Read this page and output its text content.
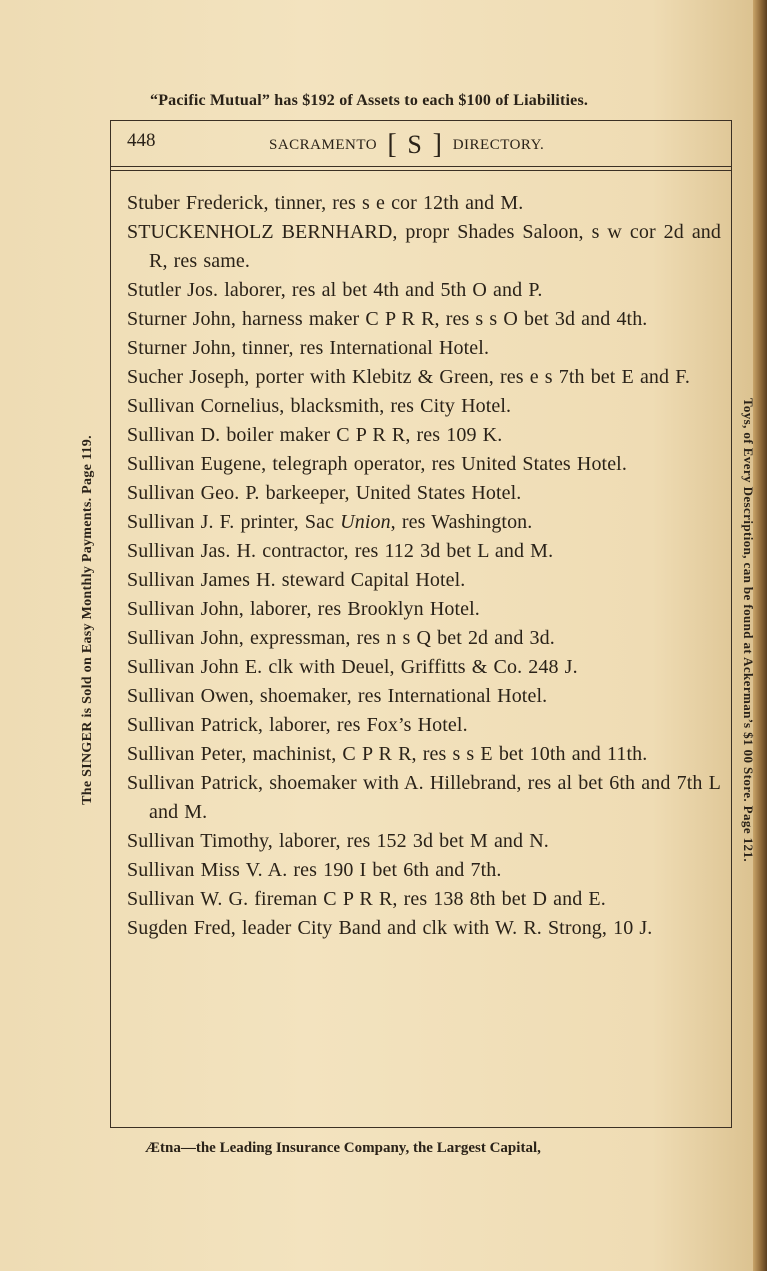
“Pacific Mutual” has $192 of Assets to each $100 of Liabilities.
The SINGER is Sold on Easy Monthly Payments. Page 119.	Toys, of Every Description, can be found at Ackerman’s $1 00 Store. Page 121.
448	SACRAMENTO [ S ] DIRECTORY.
Stuber Frederick, tinner, res s e cor 12th and M.
STUCKENHOLZ BERNHARD, propr Shades Saloon, s w cor 2d and R, res same.
Stutler Jos. laborer, res al bet 4th and 5th O and P.
Sturner John, harness maker C P R R, res s s O bet 3d and 4th.
Sturner John, tinner, res International Hotel.
Sucher Joseph, porter with Klebitz & Green, res e s 7th bet E and F.
Sullivan Cornelius, blacksmith, res City Hotel.
Sullivan D. boiler maker C P R R, res 109 K.
Sullivan Eugene, telegraph operator, res United States Hotel.
Sullivan Geo. P. barkeeper, United States Hotel.
Sullivan J. F. printer, Sac Union, res Washington.
Sullivan Jas. H. contractor, res 112 3d bet L and M.
Sullivan James H. steward Capital Hotel.
Sullivan John, laborer, res Brooklyn Hotel.
Sullivan John, expressman, res n s Q bet 2d and 3d.
Sullivan John E. clk with Deuel, Griffitts & Co. 248 J.
Sullivan Owen, shoemaker, res International Hotel.
Sullivan Patrick, laborer, res Fox’s Hotel.
Sullivan Peter, machinist, C P R R, res s s E bet 10th and 11th.
Sullivan Patrick, shoemaker with A. Hillebrand, res al bet 6th and 7th L and M.
Sullivan Timothy, laborer, res 152 3d bet M and N.
Sullivan Miss V. A. res 190 I bet 6th and 7th.
Sullivan W. G. fireman C P R R, res 138 8th bet D and E.
Sugden Fred, leader City Band and clk with W. R. Strong, 10 J.
Ætna—the Leading Insurance Company, the Largest Capital,
